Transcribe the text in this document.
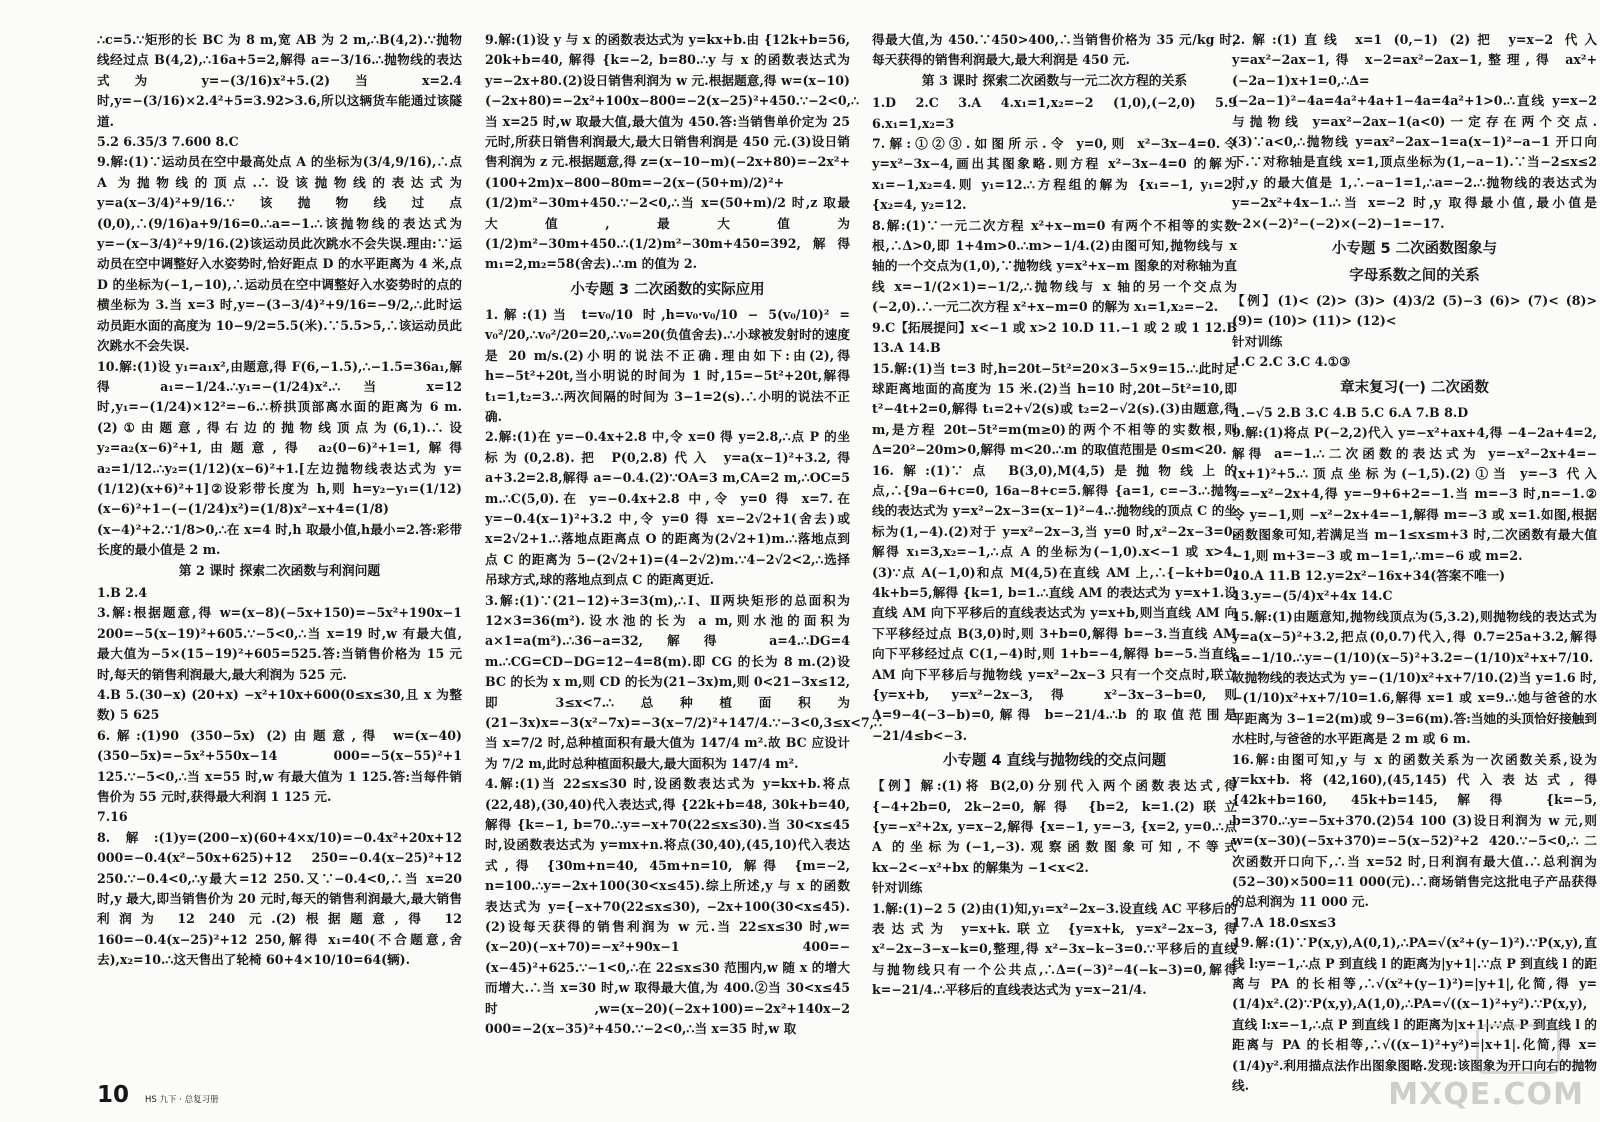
∴c=5.∵矩形的长 BC 为 8 m,宽 AB 为 2 m,∴B(4,2).∵抛物线经过点 B(4,2),∴16a+5=2,解得 a=−3/16.∴抛物线的表达式为 y=−(3/16)x²+5.(2)当 x=2.4 时,y=−(3/16)×2.4²+5=3.92>3.6,所以这辆货车能通过该隧道.

5.2 6.35/3 7.600 8.C

9.解:(1)∵运动员在空中最高处点 A 的坐标为(3/4,9/16),∴点 A 为抛物线的顶点.∴设该抛物线的表达式为 y=a(x−3/4)²+9/16.∵该抛物线过点(0,0),∴(9/16)a+9/16=0.∴a=−1.∴该抛物线的表达式为 y=−(x−3/4)²+9/16.(2)该运动员此次跳水不会失误.理由:∵运动员在空中调整好入水姿势时,恰好距点 D 的水平距离为 4 米,点 D 的坐标为(−1,−10),∴运动员在空中调整好入水姿势时的点的横坐标为 3.当 x=3 时,y=−(3−3/4)²+9/16=−9/2,∴此时运动员距水面的高度为 10−9/2=5.5(米).∵5.5>5,∴该运动员此次跳水不会失误.

10.解:(1)设 y₁=a₁x²,由题意,得 F(6,−1.5),∴−1.5=36a₁,解得 a₁=−1/24.∴y₁=−(1/24)x².∴当 x=12 时,y₁=−(1/24)×12²=−6.∴桥拱顶部离水面的距离为 6 m.(2)①由题意,得右边的抛物线顶点为(6,1).∴设 y₂=a₂(x−6)²+1,由题意,得 a₂(0−6)²+1=1,解得 a₂=1/12.∴y₂=(1/12)(x−6)²+1.[左边抛物线表达式为 y=(1/12)(x+6)²+1]②设彩带长度为 h,则 h=y₂−y₁=(1/12)(x−6)²+1−(−(1/24)x²)=(1/8)x²−x+4=(1/8)(x−4)²+2.∵1/8>0,∴在 x=4 时,h 取最小值,h最小=2.答:彩带长度的最小值是 2 m.

第 2 课时 探索二次函数与利润问题

1.B 2.4

3.解:根据题意,得 w=(x−8)(−5x+150)=−5x²+190x−1 200=−5(x−19)²+605.∵−5<0,∴当 x=19 时,w 有最大值,最大值为−5×(15−19)²+605=525.答:当销售价格为 15 元时,每天的销售利润最大,最大利润为 525 元.

4.B 5.(30−x) (20+x) −x²+10x+600(0≤x≤30,且 x 为整数) 5 625

6.解:(1)90 (350−5x) (2)由题意,得 w=(x−40)(350−5x)=−5x²+550x−14 000=−5(x−55)²+1 125.∵−5<0,∴当 x=55 时,w 有最大值为 1 125.答:当每件销售价为 55 元时,获得最大利润 1 125 元.

7.16

8.解:(1)y=(200−x)(60+4×x/10)=−0.4x²+20x+12 000=−0.4(x²−50x+625)+12 250=−0.4(x−25)²+12 250.∵−0.4<0,∴y最大=12 250.又∵−0.4<0,∴当 x=20 时,y 最大,即当销售价为 20 元时,每天的销售利润最大,最大销售利润为 12 240 元.(2)根据题意,得 12 160=−0.4(x−25)²+12 250,解得 x₁=40(不合题意,舍去),x₂=10.∴这天售出了轮椅 60+4×10/10=64(辆).

9.解:(1)设 y 与 x 的函数表达式为 y=kx+b.由 {12k+b=56, 20k+b=40, 解得 {k=−2, b=80.∴y 与 x 的函数表达式为 y=−2x+80.(2)设日销售利润为 w 元.根据题意,得 w=(x−10)(−2x+80)=−2x²+100x−800=−2(x−25)²+450.∵−2<0,∴当 x=25 时,w 取最大值,最大值为 450.答:当销售单价定为 25 元时,所获日销售利润最大,最大日销售利润是 450 元.(3)设日销售利润为 z 元.根据题意,得 z=(x−10−m)(−2x+80)=−2x²+(100+2m)x−800−80m=−2(x−(50+m)/2)²+(1/2)m²−30m+450.∵−2<0,∴当 x=(50+m)/2 时,z 取最大值,最大值为 (1/2)m²−30m+450.∴(1/2)m²−30m+450=392,解得 m₁=2,m₂=58(舍去).∴m 的值为 2.

小专题 3 二次函数的实际应用

1.解:(1)当 t=v₀/10 时,h=v₀·v₀/10 − 5(v₀/10)² = v₀²/20,∴v₀²/20=20,∴v₀=20(负值舍去).∴小球被发射时的速度是 20 m/s.(2)小明的说法不正确.理由如下:由(2),得 h=−5t²+20t,当小明说的时间为 1 时,15=−5t²+20t,解得 t₁=1,t₂=3.∴两次间隔的时间为 3−1=2(s).∴小明的说法不正确.

2.解:(1)在 y=−0.4x+2.8 中,令 x=0 得 y=2.8,∴点 P 的坐标为(0,2.8).把 P(0,2.8)代入 y=a(x−1)²+3.2,得 a+3.2=2.8,解得 a=−0.4.(2)∵OA=3 m,CA=2 m,∴OC=5 m.∴C(5,0).在 y=−0.4x+2.8 中,令 y=0 得 x=7.在 y=−0.4(x−1)²+3.2 中,令 y=0 得 x=−2√2+1(舍去)或 x=2√2+1.∴落地点距离点 O 的距离为(2√2+1)m.∴落地点到点 C 的距离为 5−(2√2+1)=(4−2√2)m.∵4−2√2<2,∴选择吊球方式,球的落地点到点 C 的距离更近.

3.解:(1)∵(21−12)÷3=3(m),∴Ⅰ、Ⅱ两块矩形的总面积为 12×3=36(m²).设水池的长为 a m,则水池的面积为 a×1=a(m²).∴36−a=32,解得 a=4.∴DG=4 m.∴CG=CD−DG=12−4=8(m).即 CG 的长为 8 m.(2)设 BC 的长为 x m,则 CD 的长为(21−3x)m,则 0<21−3x≤12,即 3≤x<7.∴总种植面积为(21−3x)x=−3(x²−7x)=−3(x−7/2)²+147/4.∵−3<0,3≤x<7,∴当 x=7/2 时,总种植面积有最大值为 147/4 m².故 BC 应设计为 7/2 m,此时总种植面积最大,最大面积为 147/4 m².

4.解:(1)当 22≤x≤30 时,设函数表达式为 y=kx+b.将点(22,48),(30,40)代入表达式,得 {22k+b=48, 30k+b=40, 解得 {k=−1, b=70.∴y=−x+70(22≤x≤30).当 30<x≤45 时,设函数表达式为 y=mx+n.将点(30,40),(45,10)代入表达式,得 {30m+n=40, 45m+n=10, 解得 {m=−2, n=100.∴y=−2x+100(30<x≤45).综上所述,y 与 x 的函数表达式为 y={−x+70(22≤x≤30), −2x+100(30<x≤45).(2)设每天获得的销售利润为 w 元.当 22≤x≤30 时,w=(x−20)(−x+70)=−x²+90x−1 400=−(x−45)²+625.∵−1<0,∴在 22≤x≤30 范围内,w 随 x 的增大而增大.∴当 x=30 时,w 取得最大值,为 400.②当 30<x≤45 时,w=(x−20)(−2x+100)=−2x²+140x−2 000=−2(x−35)²+450.∵−2<0,∴当 x=35 时,w 取

得最大值,为 450.∵450>400,∴当销售价格为 35 元/kg 时,每天获得的销售利润最大,最大利润是 450 元.

第 3 课时 探索二次函数与一元二次方程的关系

1.D 2.C 3.A 4.x₁=1,x₂=−2 (1,0),(−2,0) 5.9 6.x₁=1,x₂=3

7.解:①②③.如图所示.令 y=0,则 x²−3x−4=0.令 y=x²−3x−4,画出其图象略.则方程 x²−3x−4=0 的解为 x₁=−1,x₂=4.则 y₁=12.∴方程组的解为 {x₁=−1, y₁=2, {x₂=4, y₂=12.

8.解:(1)∵一元二次方程 x²+x−m=0 有两个不相等的实数根,∴Δ>0,即 1+4m>0.∴m>−1/4.(2)由图可知,抛物线与 x 轴的一个交点为(1,0),∵抛物线 y=x²+x−m 图象的对称轴为直线 x=−1/(2×1)=−1/2,∴抛物线与 x 轴的另一个交点为(−2,0).∴一元二次方程 x²+x−m=0 的解为 x₁=1,x₂=−2.

9.C【拓展提问】x<−1 或 x>2 10.D 11.−1 或 2 或 1 12.B 13.A 14.B

15.解:(1)当 t=3 时,h=20t−5t²=20×3−5×9=15.∴此时足球距离地面的高度为 15 米.(2)当 h=10 时,20t−5t²=10,即 t²−4t+2=0,解得 t₁=2+√2(s)或 t₂=2−√2(s).(3)由题意,得 m,是方程 20t−5t²=m(m≥0)的两个不相等的实数根,则 Δ=20²−20m>0,解得 m<20.∴m 的取值范围是 0≤m<20.

16.解:(1)∵点 B(3,0),M(4,5)是抛物线上的点,∴{9a−6+c=0, 16a−8+c=5.解得 {a=1, c=−3.∴抛物线的表达式为 y=x²−2x−3=(x−1)²−4.∴抛物线的顶点 C 的坐标为(1,−4).(2)对于 y=x²−2x−3,当 y=0 时,x²−2x−3=0,解得 x₁=3,x₂=−1,∴点 A 的坐标为(−1,0).x<−1 或 x>4.(3)∵点 A(−1,0)和点 M(4,5)在直线 AM 上,∴{−k+b=0, 4k+b=5,解得 {k=1, b=1.∴直线 AM 的表达式为 y=x+1.设直线 AM 向下平移后的直线表达式为 y=x+b,则当直线 AM 向下平移经过点 B(3,0)时,则 3+b=0,解得 b=−3.当直线 AM 向下平移经过点 C(1,−4)时,则 1+b=−4,解得 b=−5.当直线 AM 向下平移后与抛物线 y=x²−2x−3 只有一个交点时,联立 {y=x+b, y=x²−2x−3,得 x²−3x−3−b=0,则 Δ=9−4(−3−b)=0,解得 b=−21/4.∴b 的取值范围是 −21/4≤b<−3.

小专题 4 直线与抛物线的交点问题

【例】解:(1)将 B(2,0)分别代入两个函数表达式,得 {−4+2b=0, 2k−2=0,解得 {b=2, k=1.(2)联立 {y=−x²+2x, y=x−2,解得 {x=−1, y=−3, {x=2, y=0.∴点 A 的坐标为(−1,−3).观察函数图象可知,不等式 kx−2<−x²+bx 的解集为 −1<x<2.

针对训练

1.解:(1)−2 5 (2)由(1)知,y₁=x²−2x−3.设直线 AC 平移后的表达式为 y=x+k.联立 {y=x+k, y=x²−2x−3,得 x²−2x−3−x−k=0,整理,得 x²−3x−k−3=0.∵平移后的直线与抛物线只有一个公共点,∴Δ=(−3)²−4(−k−3)=0,解得 k=−21/4.∴平移后的直线表达式为 y=x−21/4.

2.解:(1)直线 x=1 (0,−1) (2)把 y=x−2 代入 y=ax²−2ax−1,得 x−2=ax²−2ax−1,整理,得 ax²+(−2a−1)x+1=0,∴Δ=(−2a−1)²−4a=4a²+4a+1−4a=4a²+1>0.∴直线 y=x−2 与抛物线 y=ax²−2ax−1(a<0)一定存在两个交点.(3)∵a<0,∴抛物线 y=ax²−2ax−1=a(x−1)²−a−1 开口向下.∵对称轴是直线 x=1,顶点坐标为(1,−a−1).∵当−2≤x≤2 时,y 的最大值是 1,∴−a−1=1,∴a=−2.∴抛物线的表达式为 y=−2x²+4x−1.∴当 x=−2 时,y 取得最小值,最小值是−2×(−2)²−(−2)×(−2)−1=−17.

小专题 5 二次函数图象与

字母系数之间的关系

【例】(1)< (2)> (3)> (4)3/2 (5)−3 (6)> (7)< (8)> (9)= (10)> (11)> (12)<

针对训练

1.C 2.C 3.C 4.①③

章末复习(一) 二次函数

1.−√5 2.B 3.C 4.B 5.C 6.A 7.B 8.D

9.解:(1)将点 P(−2,2)代入 y=−x²+ax+4,得 −4−2a+4=2,解得 a=−1.∴二次函数的表达式为 y=−x²−2x+4=−(x+1)²+5.∴顶点坐标为(−1,5).(2)①当 y=−3 代入 y=−x²−2x+4,得 y=−9+6+2=−1.当 m=−3 时,n=−1.②令 y=−1,则 −x²−2x+4=−1,解得 m=−3 或 x=1.如图,根据函数图象可知,若满足当 m−1≤x≤m+3 时,二次函数有最大值 −1,则 m+3=−3 或 m−1=1,∴m=−6 或 m=2.

10.A 11.B 12.y=2x²−16x+34(答案不唯一)

13.y=−(5/4)x²+4x 14.C

15.解:(1)由题意知,抛物线顶点为(5,3.2),则抛物线的表达式为 y=a(x−5)²+3.2,把点(0,0.7)代入,得 0.7=25a+3.2,解得 a=−1/10.∴y=−(1/10)(x−5)²+3.2=−(1/10)x²+x+7/10.故抛物线的表达式为 y=−(1/10)x²+x+7/10.(2)当 y=1.6 时,−(1/10)x²+x+7/10=1.6,解得 x=1 或 x=9.∴她与爸爸的水平距离为 3−1=2(m)或 9−3=6(m).答:当她的头顶恰好接触到水柱时,与爸爸的水平距离是 2 m 或 6 m.

16.解:由图可知,y 与 x 的函数关系为一次函数关系,设为 y=kx+b.将(42,160),(45,145)代入表达式,得 {42k+b=160, 45k+b=145,解得 {k=−5, b=370.∴y=−5x+370.(2)54 100 (3)设日利润为 w 元,则 w=(x−30)(−5x+370)=−5(x−52)²+2 420.∵−5<0,∴二次函数开口向下,∴当 x=52 时,日利润有最大值.∴总利润为(52−30)×500=11 000(元).∴商场销售完这批电子产品获得的总利润为 11 000 元.

17.A 18.0≤x≤3

19.解:(1)∵P(x,y),A(0,1),∴PA=√(x²+(y−1)²).∵P(x,y),直线 l:y=−1,∴点 P 到直线 l 的距离为|y+1|.∵点 P 到直线 l 的距离与 PA 的长相等,∴√(x²+(y−1)²)=|y+1|,化简,得 y=(1/4)x².(2)∵P(x,y),A(1,0),∴PA=√((x−1)²+y²).∵P(x,y),直线 l:x=−1,∴点 P 到直线 l 的距离为|x+1|.∵点 P 到直线 l 的距离与 PA 的长相等,∴√((x−1)²+y²)=|x+1|.化简,得 x=(1/4)y².利用描点法作出图象图略.发现:该图象为开口向右的抛物线.

10 HS 九下 · 总复习册	MXQE.COM
